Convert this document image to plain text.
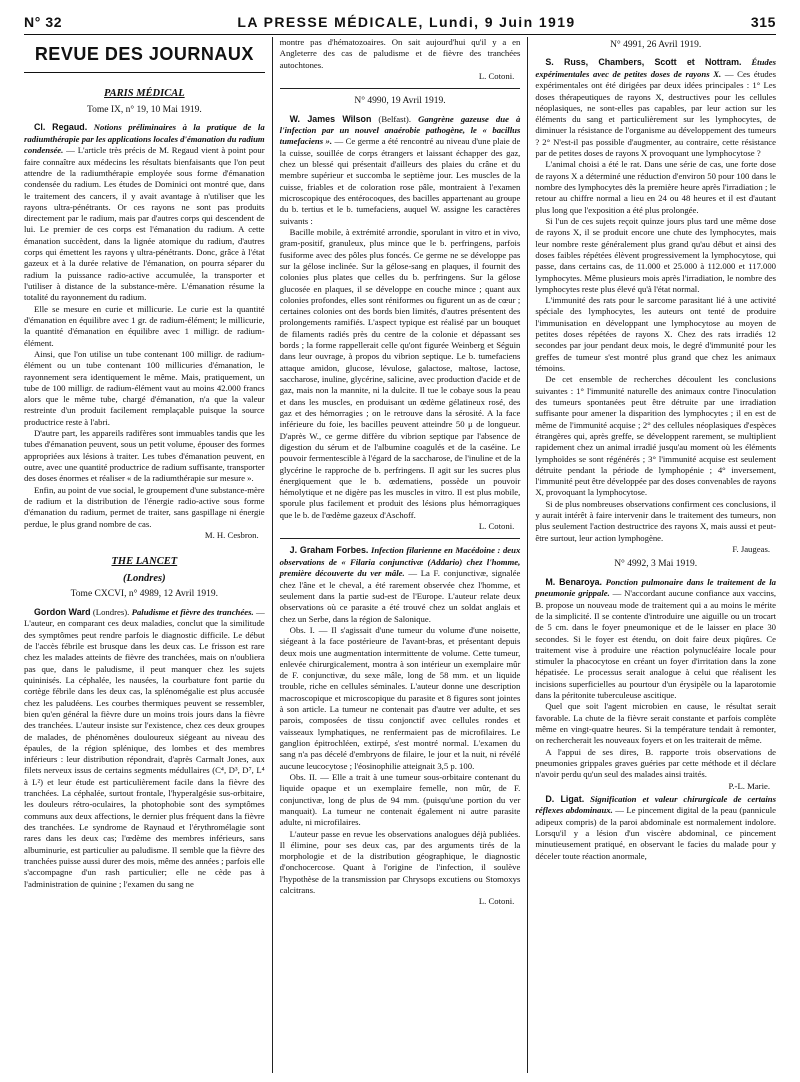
N° 32	LA PRESSE MÉDICALE, Lundi, 9 Juin 1919	315
REVUE DES JOURNAUX
PARIS MÉDICAL
Tome IX, n° 19, 10 Mai 1919.

Cl. Regaud. Notions préliminaires à la pratique de la radiumthérapie par les applications locales d'émanation du radium condensée. — L'article très précis de M. Regaud vient à point pour faire connaître aux médecins les résultats bienfaisants que l'on peut attendre de la radiumthérapie employée sous forme d'émanation condensée du radium. Les études de Dominici ont montré que, dans le traitement des cancers, il y avait avantage à n'utiliser que les rayons ultra-pénétrants. Or ces rayons ne sont pas produits directement par le radium, mais par d'autres corps qui descendent de lui. Le premier de ces corps est l'émanation du radium. A cette émanation succèdent, dans la lignée atomique du radium, d'autres corps qui émettent les rayons γ ultra-pénétrants. Donc, grâce à l'état gazeux et à la durée relative de l'émanation, on pourra séparer du radium la puissance radio-active accumulée, la transporter et l'utiliser à distance de la substance-mère. L'émanation résume la totalité du rayonnement du radium.

Elle se mesure en curie et millicurie. Le curie est la quantité d'émanation en équilibre avec 1 gr. de radium-élément; le millicurie, la quantité d'émanation en équilibre avec 1 milligr. de radium-élément.

Ainsi, que l'on utilise un tube contenant 100 milligr. de radium-élément ou un tube contenant 100 millicuries d'émanation, le rayonnement sera identiquement le même. Mais, pratiquement, un tube de 100 milligr. de radium-élément vaut au moins 42.000 francs alors que le même tube, chargé d'émanation, n'a que la valeur restreinte d'un produit facilement remplaçable puisque la source productrice reste à l'abri.

D'autre part, les appareils radifères sont immuables tandis que les tubes d'émanation peuvent, sous un petit volume, épouser des formes appropriées aux lésions à traiter. Les tubes d'émanation peuvent, en outre, avec une quantité productrice de radium suffisante, transporter des doses énormes et réaliser « de la radiumthérapie sur mesure ».

Enfin, au point de vue social, le groupement d'une substance-mère de radium et la distribution de l'énergie radio-active sous forme d'émanation du radium, permet de traiter, sans gaspillage ni énergie perdue, le plus grand nombre de cas.

M. H. Cesbron.

THE LANCET
(Londres)
Tome CXCVI, n° 4989, 12 Avril 1919.

Gordon Ward (Londres). Paludisme et fièvre des tranchées. — L'auteur, en comparant ces deux maladies, conclut que la similitude des symptômes peut rendre parfois le diagnostic difficile. Le début de l'accès fébrile est brusque dans les deux cas. Le frisson est rare chez les malades atteints de fièvre des tranchées, mais on n'oubliera pas que, dans le paludisme, il peut manquer chez les sujets quininisés. La céphalée, les nausées, la courbature font partie du cortège fébrile dans les deux cas, la splénomégalie est plus accusée chez les paludéens. Les courbes thermiques peuvent se ressembler, bien qu'en général la fièvre dure un moins trois jours dans la fièvre des tranchées. L'auteur insiste sur l'existence, chez ces deux groupes de malades, de phénomènes douloureux siégeant au niveau des épaules, de la région splénique, des lombes et des membres inférieurs : leur distribution répondrait, d'après Carmalt Jones, aux filets nerveux issus de certains segments médullaires (C⁴, D³, D⁷, L⁴ à L²) et leur étude est particulièrement facile dans la fièvre des tranchées. La céphalée, surtout frontale, l'hyperalgésie sus-orbitaire, les douleurs rétro-oculaires, la photophobie sont des symptômes communs aux deux affections, le dernier plus fréquent dans la fièvre des tranchées. Le syndrome de Raynaud et l'érythromélagie sont rares dans les deux cas; l'œdème des membres inférieurs, sans albuminurie, est particulier au paludisme. Il semble que la fièvre des tranchées puisse aussi durer des mois, même des années ; parfois elle s'accompagne d'un rash particulier; elle ne cède pas à l'administration de quinine ; l'examen du sang ne

montre pas d'hématozoaires. On sait aujourd'hui qu'il y a en Angleterre des cas de paludisme et de fièvre des tranchées autochtones.

L. Cotoni.

N° 4990, 19 Avril 1919.

W. James Wilson (Belfast). Gangrène gazeuse due à l'infection par un nouvel anaérobie pathogène, le « bacillus tumefaciens ». — Ce germe a été rencontré au niveau d'une plaie de la cuisse, souillée de corps étrangers et laissant échapper des gaz, chez un blessé qui présentait d'ailleurs des plaies du crâne et du membre supérieur et succomba le septième jour. Les muscles de la cuisse, friables et de coloration rose pâle, montraient à l'examen microscopique des entérocoques, des bacilles appartenant au groupe du b. tertius et le b. tumefaciens, auquel W. assigne les caractères suivants :

Bacille mobile, à extrémité arrondie, sporulant in vitro et in vivo, gram-positif, granuleux, plus mince que le b. perfringens, parfois fusiforme avec des pôles plus foncés. Ce germe ne se développe pas sur la gélose inclinée. Sur la gélose-sang en plaques, il fournit des colonies plus plates que celles du b. perfringens. Sur la gélose glucosée en plaques, il se développe en couche mince ; quant aux colonies profondes, elles sont réniformes ou figurent un as de cœur ; certaines colonies ont des bords bien limités, d'autres présentent des prolongements ramifiés. L'aspect typique est réalisé par un bouquet de filaments radiés près du centre de la colonie et dépassant ses bords ; la forme rappellerait celle qu'ont figurée Weinberg et Séguin dans leur ouvrage, à propos du vibrion septique. Le b. tumefaciens attaque amidon, glucose, lévulose, galactose, maltose, lactose, saccharose, inuline, glycérine, salicine, avec production d'acide et de gaz, mais non la mannite, ni la dulcite. Il tue le cobaye sous la peau et dans les muscles, en produisant un œdème gélatineux rosé, des gaz et des hémorragies ; on le retrouve dans la sérosité. A la face inférieure du foie, les bacilles peuvent atteindre 50 μ de longueur. D'après W., ce germe diffère du vibrion septique par l'absence de digestion du sérum et de l'albumine coagulés et de la caséine. Le pouvoir fermentescible à l'égard de la saccharose, de l'inuline et de la glycérine le rapproche de b. perfringens. Il agit sur les sucres plus énergiquement que le b. œdematiens, possède un pouvoir hémolytique et ne digère pas les muscles in vitro. Il est plus mobile, sporule plus facilement et produit des lésions plus hémorragiques que le b. de l'œdème gazeux d'Aschoff.

L. Cotoni.

J. Graham Forbes. Infection filarienne en Macédoine : deux observations de « Filaria conjunctivæ (Addario) chez l'homme, première découverte du ver mâle. — La F. conjunctivæ, signalée chez l'âne et le cheval, a été rarement observée chez l'homme, et seulement dans la partie sud-est de l'Europe. L'auteur relate deux observations où ce parasite a été trouvé chez un soldat anglais et chez un Serbe, dans la région de Salonique.

Obs. I. — Il s'agissait d'une tumeur du volume d'une noisette, siégeant à la face postérieure de l'avant-bras, et présentant depuis deux mois une augmentation intermittente de volume. Cette tumeur, enlevée chirurgicalement, montra à son intérieur un exemplaire mûr de F. conjunctivæ, du sexe mâle, long de 58 mm. et un liquide trouble, riche en cellules séminales. L'auteur donne une description macroscopique et microscopique du parasite et 8 figures sont jointes à son article. La tumeur ne contenait pas d'autre ver adulte, et ses parois, composées de tissu conjonctif avec cellules rondes et vaisseaux lymphatiques, ne renfermaient pas de microfilaires. Le ganglion épitrochléen, extirpé, s'est montré normal. L'examen du sang n'a pas décelé d'embryons de filaire, le jour et la nuit, ni révélé aucune leucocytose ; l'éosinophilie atteignait 3,5 p. 100.

Obs. II. — Elle a trait à une tumeur sous-orbitaire contenant du liquide opaque et un exemplaire femelle, non mûr, de F. conjunctivæ, long de plus de 94 mm. (puisqu'une portion du ver manquait). La tumeur ne contenait également ni autre parasite adulte, ni microfilaires.

L'auteur passe en revue les observations analogues déjà publiées. Il élimine, pour ses deux cas, par des arguments tirés de la morphologie et de la distribution géographique, le diagnostic d'onchocercose. Quant à l'origine de l'infection, il soulève l'hypothèse de la transmission par Chrysops excutiens ou Stomoxys calcitrans.

L. Cotoni.

N° 4991, 26 Avril 1919.

S. Russ, Chambers, Scott et Nottram. Études expérimentales avec de petites doses de rayons X. — Ces études expérimentales ont été dirigées par deux idées principales : 1° Les doses thérapeutiques de rayons X, destructives pour les cellules néoplasiques, ne sont-elles pas capables, par leur action sur les éléments du sang et particulièrement sur les lymphocytes, de diminuer la résistance de l'organisme au développement des tumeurs ? 2° N'est-il pas possible d'augmenter, au contraire, cette résistance par de petites doses de rayons X provoquant une lymphocytose ?

L'animal choisi a été le rat. Dans une série de cas, une forte dose de rayons X a déterminé une réduction d'environ 50 pour 100 dans le nombre des lymphocytes dès la première heure après l'irradiation ; le retour au chiffre normal a lieu en 24 ou 48 heures et il est d'autant plus long que l'exposition a été plus prolongée.

Si l'un de ces sujets reçoit quinze jours plus tard une même dose de rayons X, il se produit encore une chute des lymphocytes, mais leur nombre reste généralement plus grand qu'au début et ainsi des doses faibles répétées élèvent progressivement la lymphocytose, qui passe, dans certains cas, de 11.000 et 25.000 à 112.000 et 117.000 lymphocytes. Même plusieurs mois après l'irradiation, le nombre des lymphocytes reste plus élevé qu'à l'état normal.

L'immunité des rats pour le sarcome parasitant lié à une activité spéciale des lymphocytes, les auteurs ont tenté de produire l'immunisation en développant une lymphocytose au moyen de petites doses répétées de rayons X. Chez des rats irradiés 12 secondes par jour pendant deux mois, le degré d'immunité pour les greffes de tumeur s'est montré plus grand que chez les animaux témoins.

De cet ensemble de recherches découlent les conclusions suivantes : 1° l'immunité naturelle des animaux contre l'inoculation des tumeurs spontanées peut être détruite par une irradiation suffisante pour amener la disparition des lymphocytes ; il en est de même de l'immunité acquise ; 2° des cellules néoplasiques d'espèces étrangères qui, après greffe, se développent rarement, se multiplient rapidement chez un animal irradié jusqu'au moment où les éléments lymphoïdes se sont régénérés ; 3° l'immunité acquise est seulement détruite pendant la période de lymphopénie ; 4° inversement, l'immunité peut être développée par des doses convenables de rayons X, provoquant la lymphocytose.

Si de plus nombreuses observations confirment ces conclusions, il y aurait intérêt à faire intervenir dans le traitement des tumeurs, non plus seulement l'action destructrice des rayons X, mais aussi et peut-être surtout, leur action lymphogène.

F. Jaugeas.

N° 4992, 3 Mai 1919.

M. Benaroya. Ponction pulmonaire dans le traitement de la pneumonie grippale. — N'accordant aucune confiance aux vaccins, B. propose un nouveau mode de traitement qui a au moins le mérite de la simplicité. Il se contente d'introduire une aiguille ou un trocart de 5 cm. dans le foyer pneumonique et de le laisser en place 30 secondes. Si le foyer est étendu, on doit faire deux piqûres. Ce traitement vise à produire une réaction polynucléaire locale pour stimuler la phacocytose en créant un foyer d'irritation dans la zone hépatisée. Le processus serait analogue à celui que réalisent les incisions superficielles au pourtour d'un érysipèle ou la laparotomie dans la péritonite tuberculeuse ascitique.

Quel que soit l'agent microbien en cause, le résultat serait favorable. La chute de la fièvre serait constante et parfois complète même en vingt-quatre heures. Si la température tendait à remonter, on rechercherait les nouveaux foyers et on les traiterait de même.

A l'appui de ses dires, B. rapporte trois observations de pneumonies grippales graves guéries par cette méthode et il déclare n'avoir perdu qu'un seul des malades ainsi traités.

P.-L. Marie.

D. Ligat. Signification et valeur chirurgicale de certains réflexes abdominaux. — Le pincement digital de la peau (pannicule adipeux compris) de la paroi abdominale est normalement indolore. Lorsqu'il y a lésion d'un viscère abdominal, ce pincement minutieusement pratiqué, en observant le facies du malade pour y déceler toute réaction anormale,
